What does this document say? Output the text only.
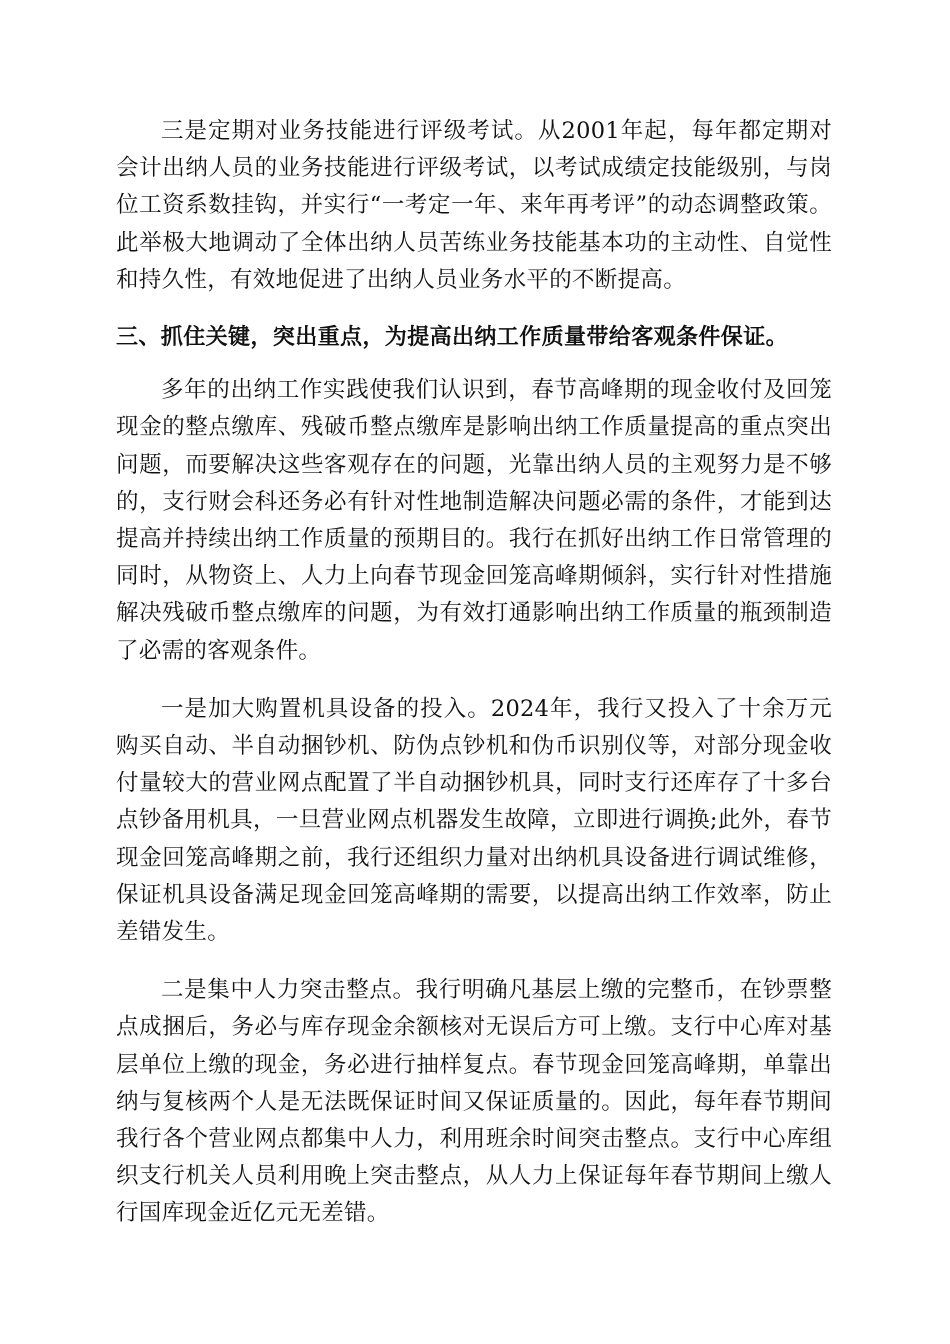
三是定期对业务技能进行评级考试。从2001年起，每年都定期对会计出纳人员的业务技能进行评级考试，以考试成绩定技能级别，与岗位工资系数挂钩，并实行“一考定一年、来年再考评”的动态调整政策。此举极大地调动了全体出纳人员苦练业务技能基本功的主动性、自觉性和持久性，有效地促进了出纳人员业务水平的不断提高。

三、抓住关键，突出重点，为提高出纳工作质量带给客观条件保证。

多年的出纳工作实践使我们认识到，春节高峰期的现金收付及回笼现金的整点缴库、残破币整点缴库是影响出纳工作质量提高的重点突出问题，而要解决这些客观存在的问题，光靠出纳人员的主观努力是不够的，支行财会科还务必有针对性地制造解决问题必需的条件，才能到达提高并持续出纳工作质量的预期目的。我行在抓好出纳工作日常管理的同时，从物资上、人力上向春节现金回笼高峰期倾斜，实行针对性措施解决残破币整点缴库的问题，为有效打通影响出纳工作质量的瓶颈制造了必需的客观条件。

一是加大购置机具设备的投入。2024年，我行又投入了十余万元购买自动、半自动捆钞机、防伪点钞机和伪币识别仪等，对部分现金收付量较大的营业网点配置了半自动捆钞机具，同时支行还库存了十多台点钞备用机具，一旦营业网点机器发生故障，立即进行调换;此外，春节现金回笼高峰期之前，我行还组织力量对出纳机具设备进行调试维修，保证机具设备满足现金回笼高峰期的需要，以提高出纳工作效率，防止差错发生。

二是集中人力突击整点。我行明确凡基层上缴的完整币，在钞票整点成捆后，务必与库存现金余额核对无误后方可上缴。支行中心库对基层单位上缴的现金，务必进行抽样复点。春节现金回笼高峰期，单靠出纳与复核两个人是无法既保证时间又保证质量的。因此，每年春节期间我行各个营业网点都集中人力，利用班余时间突击整点。支行中心库组织支行机关人员利用晚上突击整点，从人力上保证每年春节期间上缴人行国库现金近亿元无差错。
